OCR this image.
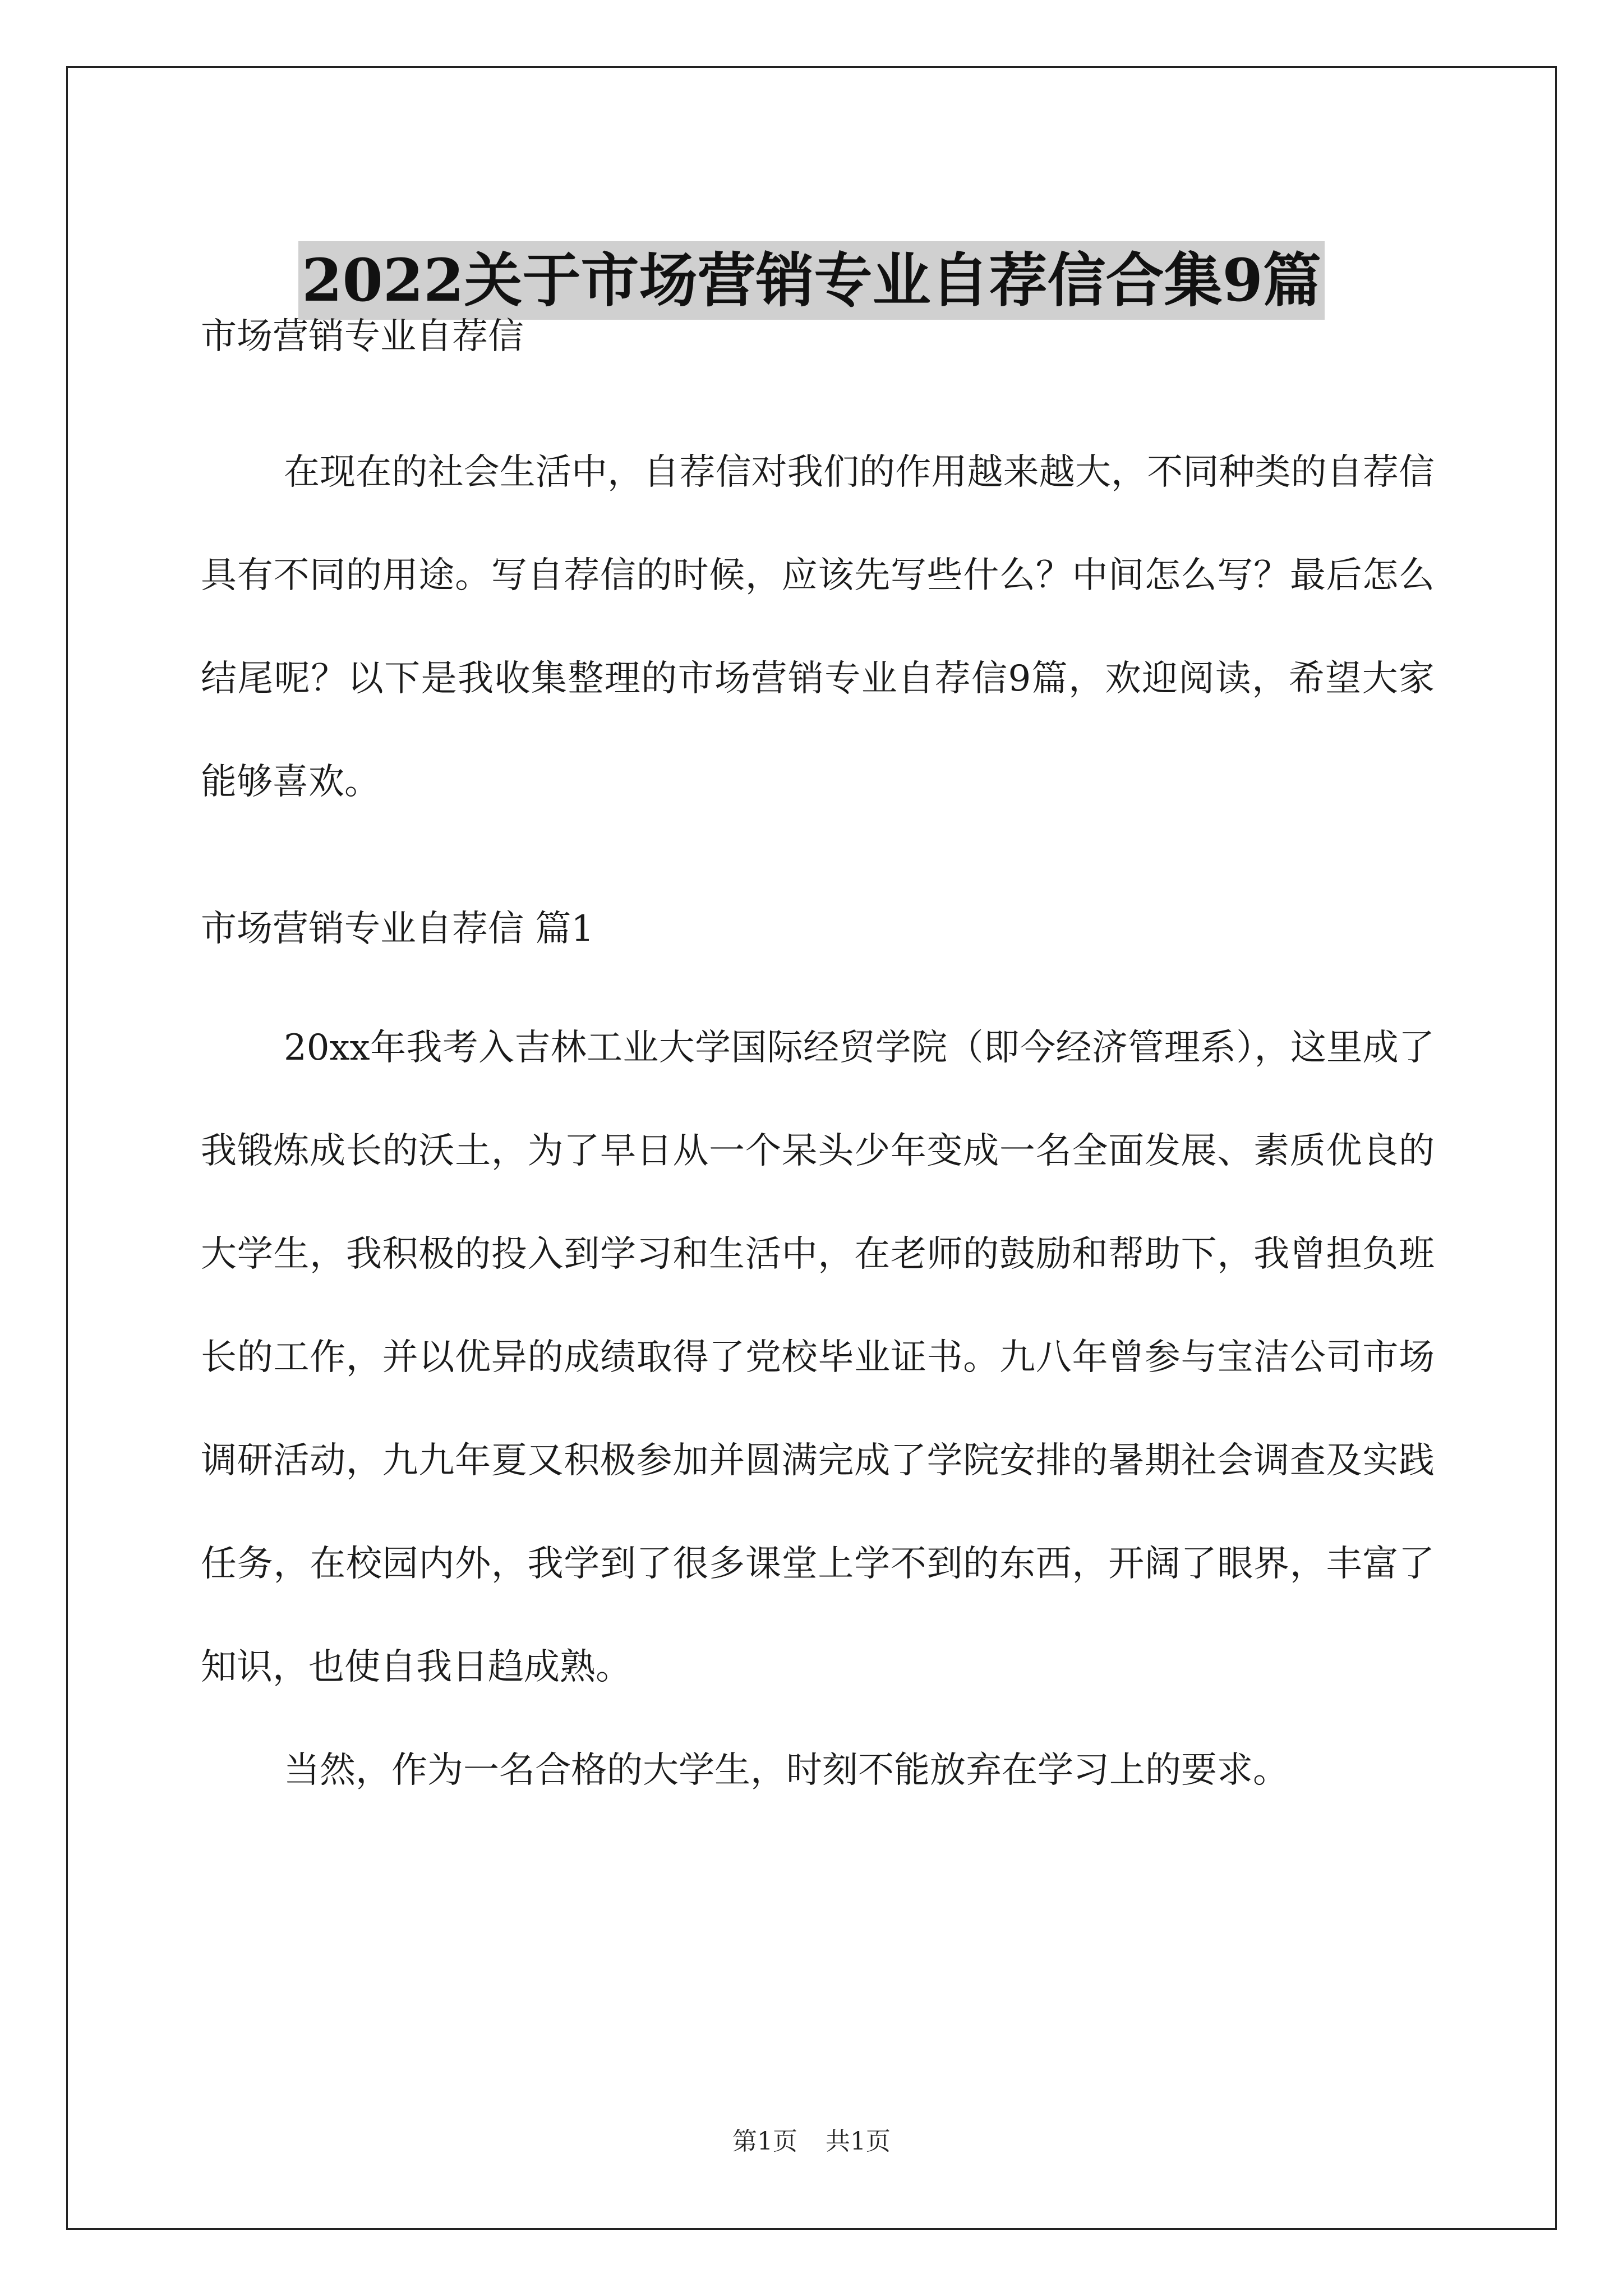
2022关于市场营销专业自荐信合集9篇

市场营销专业自荐信

在现在的社会生活中，自荐信对我们的作用越来越大，不同种类的自荐信具有不同的用途。写自荐信的时候，应该先写些什么？中间怎么写？最后怎么结尾呢？以下是我收集整理的市场营销专业自荐信9篇，欢迎阅读，希望大家能够喜欢。

市场营销专业自荐信 篇1

20xx年我考入吉林工业大学国际经贸学院（即今经济管理系），这里成了我锻炼成长的沃土，为了早日从一个呆头少年变成一名全面发展、素质优良的大学生，我积极的投入到学习和生活中，在老师的鼓励和帮助下，我曾担负班长的工作，并以优异的成绩取得了党校毕业证书。九八年曾参与宝洁公司市场调研活动，九九年夏又积极参加并圆满完成了学院安排的暑期社会调查及实践任务，在校园内外，我学到了很多课堂上学不到的东西，开阔了眼界，丰富了知识，也使自我日趋成熟。

当然，作为一名合格的大学生，时刻不能放弃在学习上的要求。

第1页 共1页
